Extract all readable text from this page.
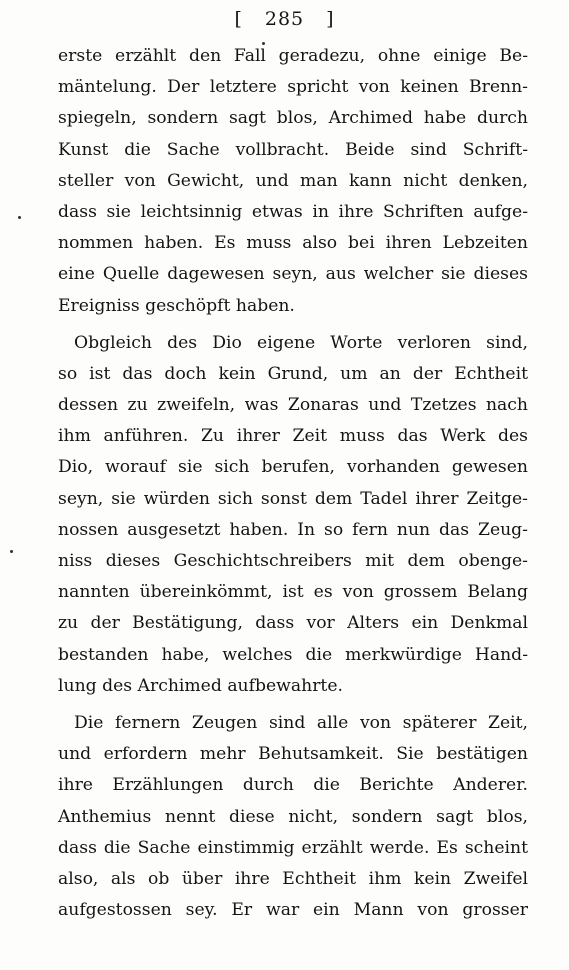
[ 285 ]
erste erzählt den Fall geradezu, ohne einige Be-
mäntelung. Der letztere spricht von keinen Brenn-
spiegeln, sondern sagt blos, Archimed habe durch
Kunst die Sache vollbracht. Beide sind Schrift-
steller von Gewicht, und man kann nicht denken,
dass sie leichtsinnig etwas in ihre Schriften aufge-
nommen haben. Es muss also bei ihren Lebzeiten
eine Quelle dagewesen seyn, aus welcher sie dieses
Ereigniss geschöpft haben.
Obgleich des Dio eigene Worte verloren sind,
so ist das doch kein Grund, um an der Echtheit
dessen zu zweifeln, was Zonaras und Tzetzes nach
ihm anführen. Zu ihrer Zeit muss das Werk des
Dio, worauf sie sich berufen, vorhanden gewesen
seyn, sie würden sich sonst dem Tadel ihrer Zeitge-
nossen ausgesetzt haben. In so fern nun das Zeug-
niss dieses Geschichtschreibers mit dem obenge-
nannten übereinkömmt, ist es von grossem Belang
zu der Bestätigung, dass vor Alters ein Denkmal
bestanden habe, welches die merkwürdige Hand-
lung des Archimed aufbewahrte.
Die fernern Zeugen sind alle von späterer Zeit,
und erfordern mehr Behutsamkeit. Sie bestätigen
ihre Erzählungen durch die Berichte Anderer.
Anthemius nennt diese nicht, sondern sagt blos,
dass die Sache einstimmig erzählt werde. Es scheint
also, als ob über ihre Echtheit ihm kein Zweifel
aufgestossen sey. Er war ein Mann von grosser
